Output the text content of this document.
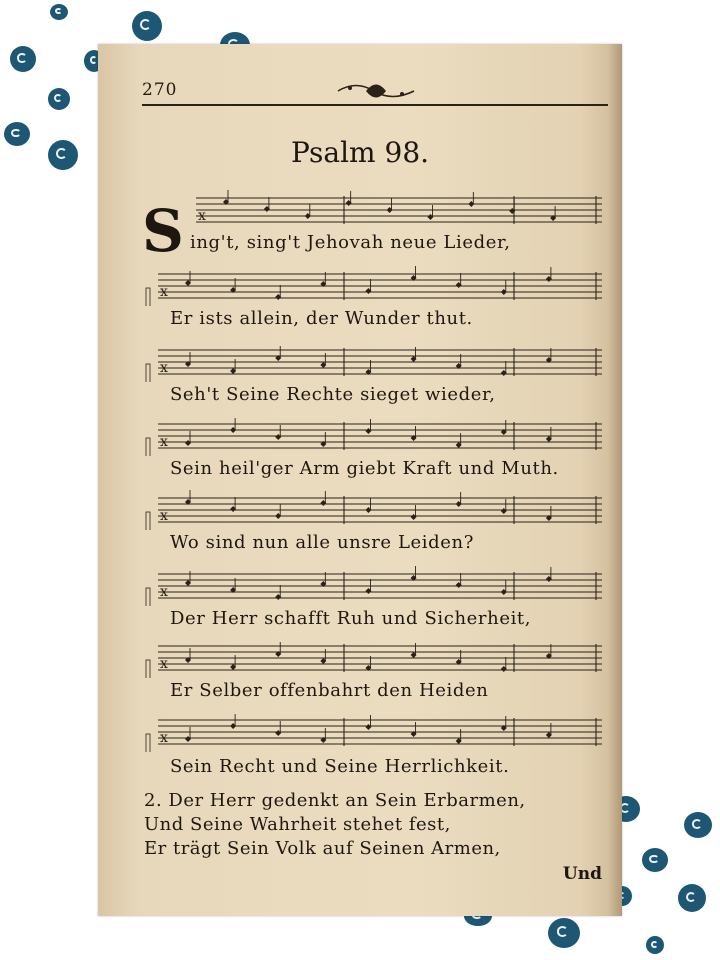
270
Psalm 98.
S x
x
x
x
x
x
x
x
ing't, sing't Jehovah neue Lieder,
Er ists allein, der Wunder thut.
Seh't Seine Rechte sieget wieder,
Sein heil'ger Arm giebt Kraft und Muth.
Wo sind nun alle unsre Leiden?
Der Herr schafft Ruh und Sicherheit,
Er Selber offenbahrt den Heiden
Sein Recht und Seine Herrlichkeit.
2. Der Herr gedenkt an Sein Erbarmen,
Und Seine Wahrheit stehet fest,
Er trägt Sein Volk auf Seinen Armen,
Und
